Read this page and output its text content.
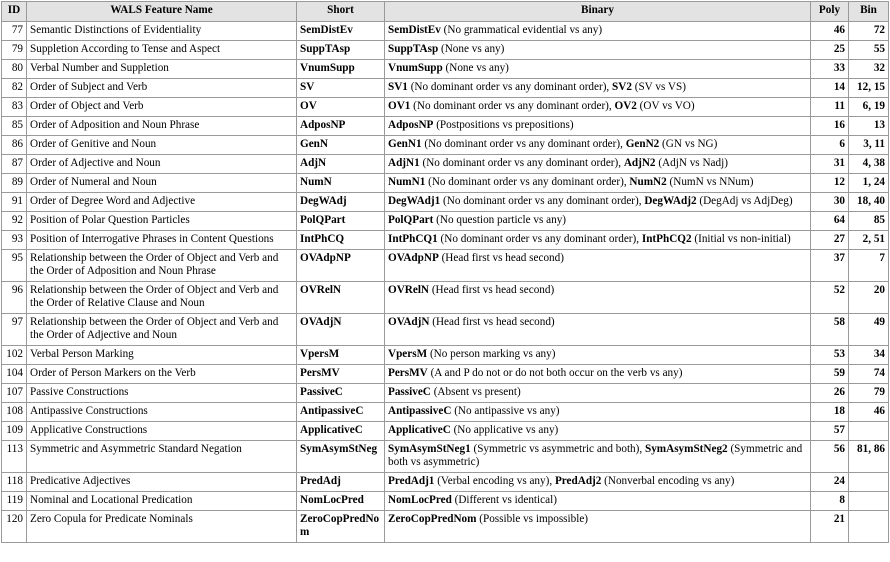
ID	WALS Feature Name	Short	Binary	Poly	Bin
77	Semantic Distinctions of Evidentiality	SemDistEv	SemDistEv (No grammatical evidential vs any)	46	72
79	Suppletion According to Tense and Aspect	SuppTAsp	SuppTAsp (None vs any)	25	55
80	Verbal Number and Suppletion	VnumSupp	VnumSupp (None vs any)	33	32
82	Order of Subject and Verb	SV	SV1 (No dominant order vs any dominant order), SV2 (SV vs VS)	14	12, 15
83	Order of Object and Verb	OV	OV1 (No dominant order vs any dominant order), OV2 (OV vs VO)	11	6, 19
85	Order of Adposition and Noun Phrase	AdposNP	AdposNP (Postpositions vs prepositions)	16	13
86	Order of Genitive and Noun	GenN	GenN1 (No dominant order vs any dominant order), GenN2 (GN vs NG)	6	3, 11
87	Order of Adjective and Noun	AdjN	AdjN1 (No dominant order vs any dominant order), AdjN2 (AdjN vs Nadj)	31	4, 38
89	Order of Numeral and Noun	NumN	NumN1 (No dominant order vs any dominant order), NumN2 (NumN vs NNum)	12	1, 24
91	Order of Degree Word and Adjective	DegWAdj	DegWAdj1 (No dominant order vs any dominant order), DegWAdj2 (DegAdj vs AdjDeg)	30	18, 40
92	Position of Polar Question Particles	PolQPart	PolQPart (No question particle vs any)	64	85
93	Position of Interrogative Phrases in Content Questions	IntPhCQ	IntPhCQ1 (No dominant order vs any dominant order), IntPhCQ2 (Initial vs non-initial)	27	2, 51
95	Relationship between the Order of Object and Verb and the Order of Adposition and Noun Phrase	OVAdpNP	OVAdpNP (Head first vs head second)	37	7
96	Relationship between the Order of Object and Verb and the Order of Relative Clause and Noun	OVRelN	OVRelN (Head first vs head second)	52	20
97	Relationship between the Order of Object and Verb and the Order of Adjective and Noun	OVAdjN	OVAdjN (Head first vs head second)	58	49
102	Verbal Person Marking	VpersM	VpersM (No person marking vs any)	53	34
104	Order of Person Markers on the Verb	PersMV	PersMV (A and P do not or do not both occur on the verb vs any)	59	74
107	Passive Constructions	PassiveC	PassiveC (Absent vs present)	26	79
108	Antipassive Constructions	AntipassiveC	AntipassiveC (No antipassive vs any)	18	46
109	Applicative Constructions	ApplicativeC	ApplicativeC (No applicative vs any)	57	
113	Symmetric and Asymmetric Standard Negation	SymAsymStNeg	SymAsymStNeg1 (Symmetric vs asymmetric and both), SymAsymStNeg2 (Symmetric and both vs asymmetric)	56	81, 86
118	Predicative Adjectives	PredAdj	PredAdj1 (Verbal encoding vs any), PredAdj2 (Nonverbal encoding vs any)	24	
119	Nominal and Locational Predication	NomLocPred	NomLocPred (Different vs identical)	8	
120	Zero Copula for Predicate Nominals	ZeroCopPredNom	ZeroCopPredNom (Possible vs impossible)	21	
